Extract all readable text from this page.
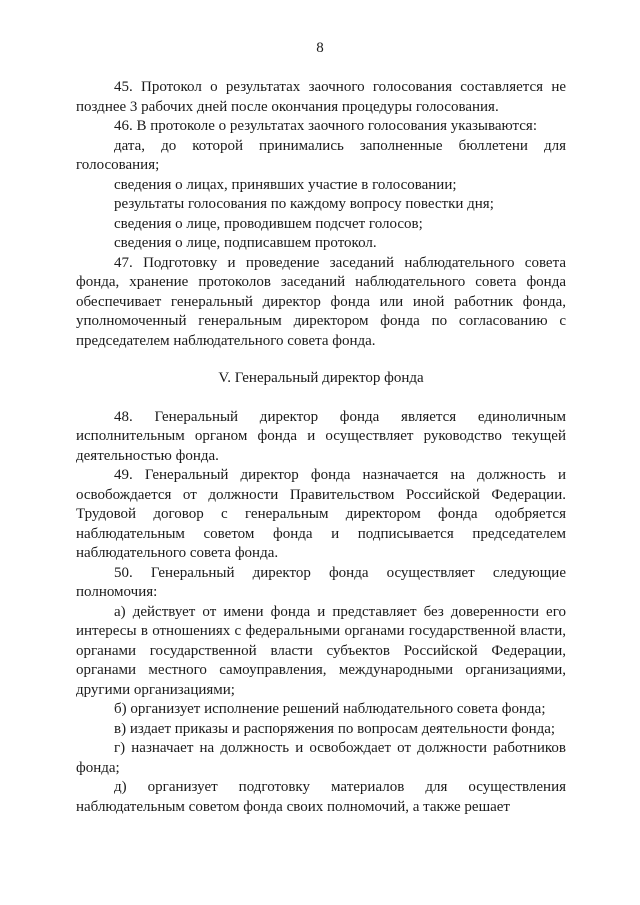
8

45. Протокол о результатах заочного голосования составляется не позднее 3 рабочих дней после окончания процедуры голосования.

46. В протоколе о результатах заочного голосования указываются:

дата, до которой принимались заполненные бюллетени для голосования;

сведения о лицах, принявших участие в голосовании;

результаты голосования по каждому вопросу повестки дня;

сведения о лице, проводившем подсчет голосов;

сведения о лице, подписавшем протокол.

47. Подготовку и проведение заседаний наблюдательного совета фонда, хранение протоколов заседаний наблюдательного совета фонда обеспечивает генеральный директор фонда или иной работник фонда, уполномоченный генеральным директором фонда по согласованию с председателем наблюдательного совета фонда.

V. Генеральный директор фонда

48. Генеральный директор фонда является единоличным исполнительным органом фонда и осуществляет руководство текущей деятельностью фонда.

49. Генеральный директор фонда назначается на должность и освобождается от должности Правительством Российской Федерации. Трудовой договор с генеральным директором фонда одобряется наблюдательным советом фонда и подписывается председателем наблюдательного совета фонда.

50. Генеральный директор фонда осуществляет следующие полномочия:

а) действует от имени фонда и представляет без доверенности его интересы в отношениях с федеральными органами государственной власти, органами государственной власти субъектов Российской Федерации, органами местного самоуправления, международными организациями, другими организациями;

б) организует исполнение решений наблюдательного совета фонда;

в) издает приказы и распоряжения по вопросам деятельности фонда;

г) назначает на должность и освобождает от должности работников фонда;

д) организует подготовку материалов для осуществления наблюдательным советом фонда своих полномочий, а также решает
